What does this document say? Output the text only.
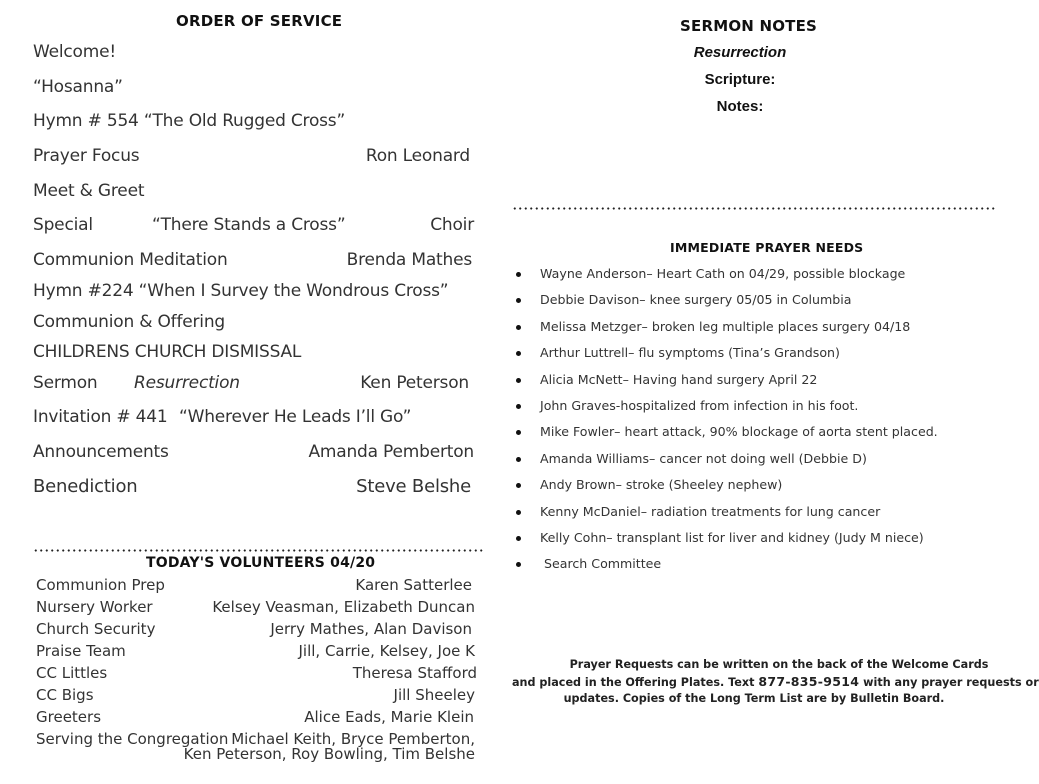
ORDER OF SERVICE
Welcome!
“Hosanna”
Hymn # 554 “The Old Rugged Cross”
Prayer Focus	Ron Leonard
Meet & Greet
Special	“There Stands a Cross”	Choir
Communion Meditation	Brenda Mathes
Hymn #224 “When I Survey the Wondrous Cross”
Communion & Offering
CHILDRENS CHURCH DISMISSAL
Sermon Resurrection	Ken Peterson
Invitation # 441 “Wherever He Leads I’ll Go”
Announcements	Amanda Pemberton
Benediction	Steve Belshe
TODAY'S VOLUNTEERS 04/20
Communion Prep	Karen Satterlee
Nursery Worker	Kelsey Veasman, Elizabeth Duncan
Church Security	Jerry Mathes, Alan Davison
Praise Team	Jill, Carrie, Kelsey, Joe K
CC Littles	Theresa Stafford
CC Bigs	Jill Sheeley
Greeters	Alice Eads, Marie Klein
Serving the Congregation Michael Keith, Bryce Pemberton,
Ken Peterson, Roy Bowling, Tim Belshe
SERMON NOTES
Resurrection
Scripture:
Notes:
IMMEDIATE PRAYER NEEDS
Wayne Anderson– Heart Cath on 04/29, possible blockage
Debbie Davison– knee surgery 05/05 in Columbia
Melissa Metzger– broken leg multiple places surgery 04/18
Arthur Luttrell– flu symptoms (Tina’s Grandson)
Alicia McNett– Having hand surgery April 22
John Graves-hospitalized from infection in his foot.
Mike Fowler– heart attack, 90% blockage of aorta stent placed.
Amanda Williams– cancer not doing well (Debbie D)
Andy Brown– stroke (Sheeley nephew)
Kenny McDaniel– radiation treatments for lung cancer
Kelly Cohn– transplant list for liver and kidney (Judy M niece)
Search Committee
Prayer Requests can be written on the back of the Welcome Cards
and placed in the Offering Plates. Text 877-835-9514 with any prayer requests or
updates. Copies of the Long Term List are by Bulletin Board.
